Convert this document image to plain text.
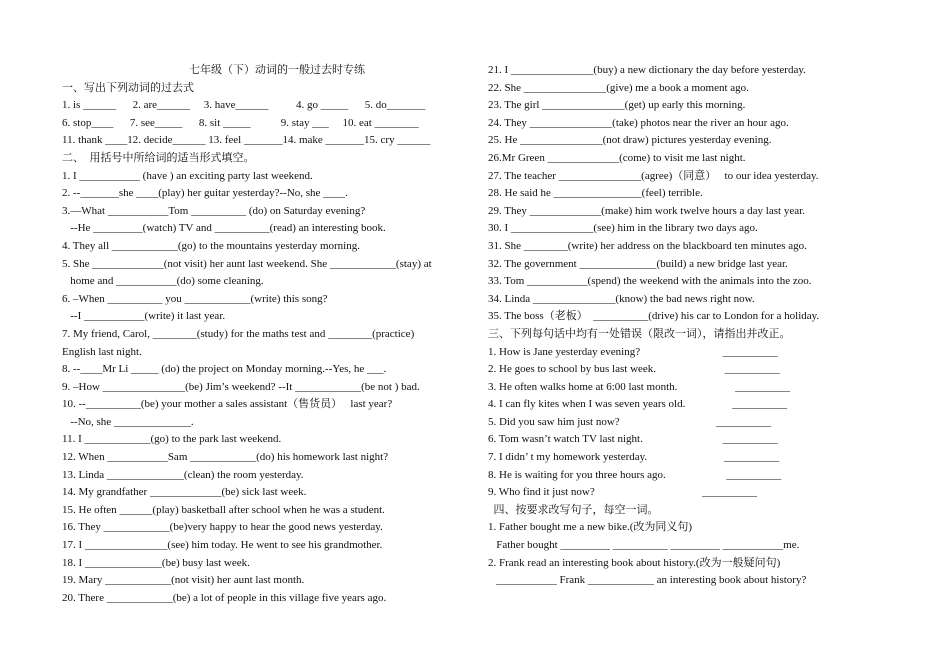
七年级（下）动词的一般过去时专练
一、写出下列动词的过去式
1. is ______      2. are______     3. have______          4. go _____      5. do_______
6. stop____      7. see_____      8. sit _____           9. stay ___     10. eat ________
11. thank ____12. decide______ 13. feel _______14. make _______15. cry ______
二、  用括号中所给词的适当形式填空。
1. I ___________ (have ) an exciting party last weekend.
2. --_______she ____(play) her guitar yesterday?--No, she ____.
3.—What ___________Tom __________ (do) on Saturday evening?
--He _________(watch) TV and __________(read) an interesting book.
4. They all ____________(go) to the mountains yesterday morning.
5. She _____________(not visit) her aunt last weekend. She ____________(stay) at
home and ___________(do) some cleaning.
6. –When __________ you ____________(write) this song?
--I ___________(write) it last year.
7. My friend, Carol, ________(study) for the maths test and ________(practice)
English last night.
8. --____Mr Li _____ (do) the project on Monday morning.--Yes, he ___.
9. –How _______________(be) Jim’s weekend? --It ____________(be not ) bad.
10. --__________(be) your mother a sales assistant（售货员）   last year?
--No, she ______________.
11. I ____________(go) to the park last weekend.
12. When ___________Sam ____________(do) his homework last night?
13. Linda ______________(clean) the room yesterday.
14. My grandfather _____________(be) sick last week.
15. He often ______(play) basketball after school when he was a student.
16. They ____________(be)very happy to hear the good news yesterday.
17. I _______________(see) him today. He went to see his grandmother.
18. I ______________(be) busy last week.
19. Mary ____________(not visit) her aunt last month.
20. There ____________(be) a lot of people in this village five years ago.
21. I _______________(buy) a new dictionary the day before yesterday.
22. She _______________(give) me a book a moment ago.
23. The girl _______________(get) up early this morning.
24. They _______________(take) photos near the river an hour ago.
25. He _______________(not draw) pictures yesterday evening.
26.Mr Green _____________(come) to visit me last night.
27. The teacher _______________(agree)（同意）   to our idea yesterday.
28. He said he ________________(feel) terrible.
29. They _____________(make) him work twelve hours a day last year.
30. I _______________(see) him in the library two days ago.
31. She ________(write) her address on the blackboard ten minutes ago.
32. The government ______________(build) a new bridge last year.
33. Tom ___________(spend) the weekend with the animals into the zoo.
34. Linda _______________(know) the bad news right now.
35. The boss（老板）  __________(drive) his car to London for a holiday.
三、下列每句话中均有一处错误（限改一词），请指出并改正。
1. How is Jane yesterday evening?                              __________
2. He goes to school by bus last week.                         __________
3. He often walks home at 6:00 last month.                     __________
4. I can fly kites when I was seven years old.                 __________
5. Did you saw him just now?                                   __________
6. Tom wasn’t watch TV last night.                             __________
7. I didn’ t my homework yesterday.                            __________
8. He is waiting for you three hours ago.                      __________
9. Who find it just now?                                       __________
四、按要求改写句子，每空一词。
1. Father bought me a new bike.(改为同义句)
Father bought _________ __________ _________ ___________me.
2. Frank read an interesting book about history.(改为一般疑问句)
___________ Frank ____________ an interesting book about history?
